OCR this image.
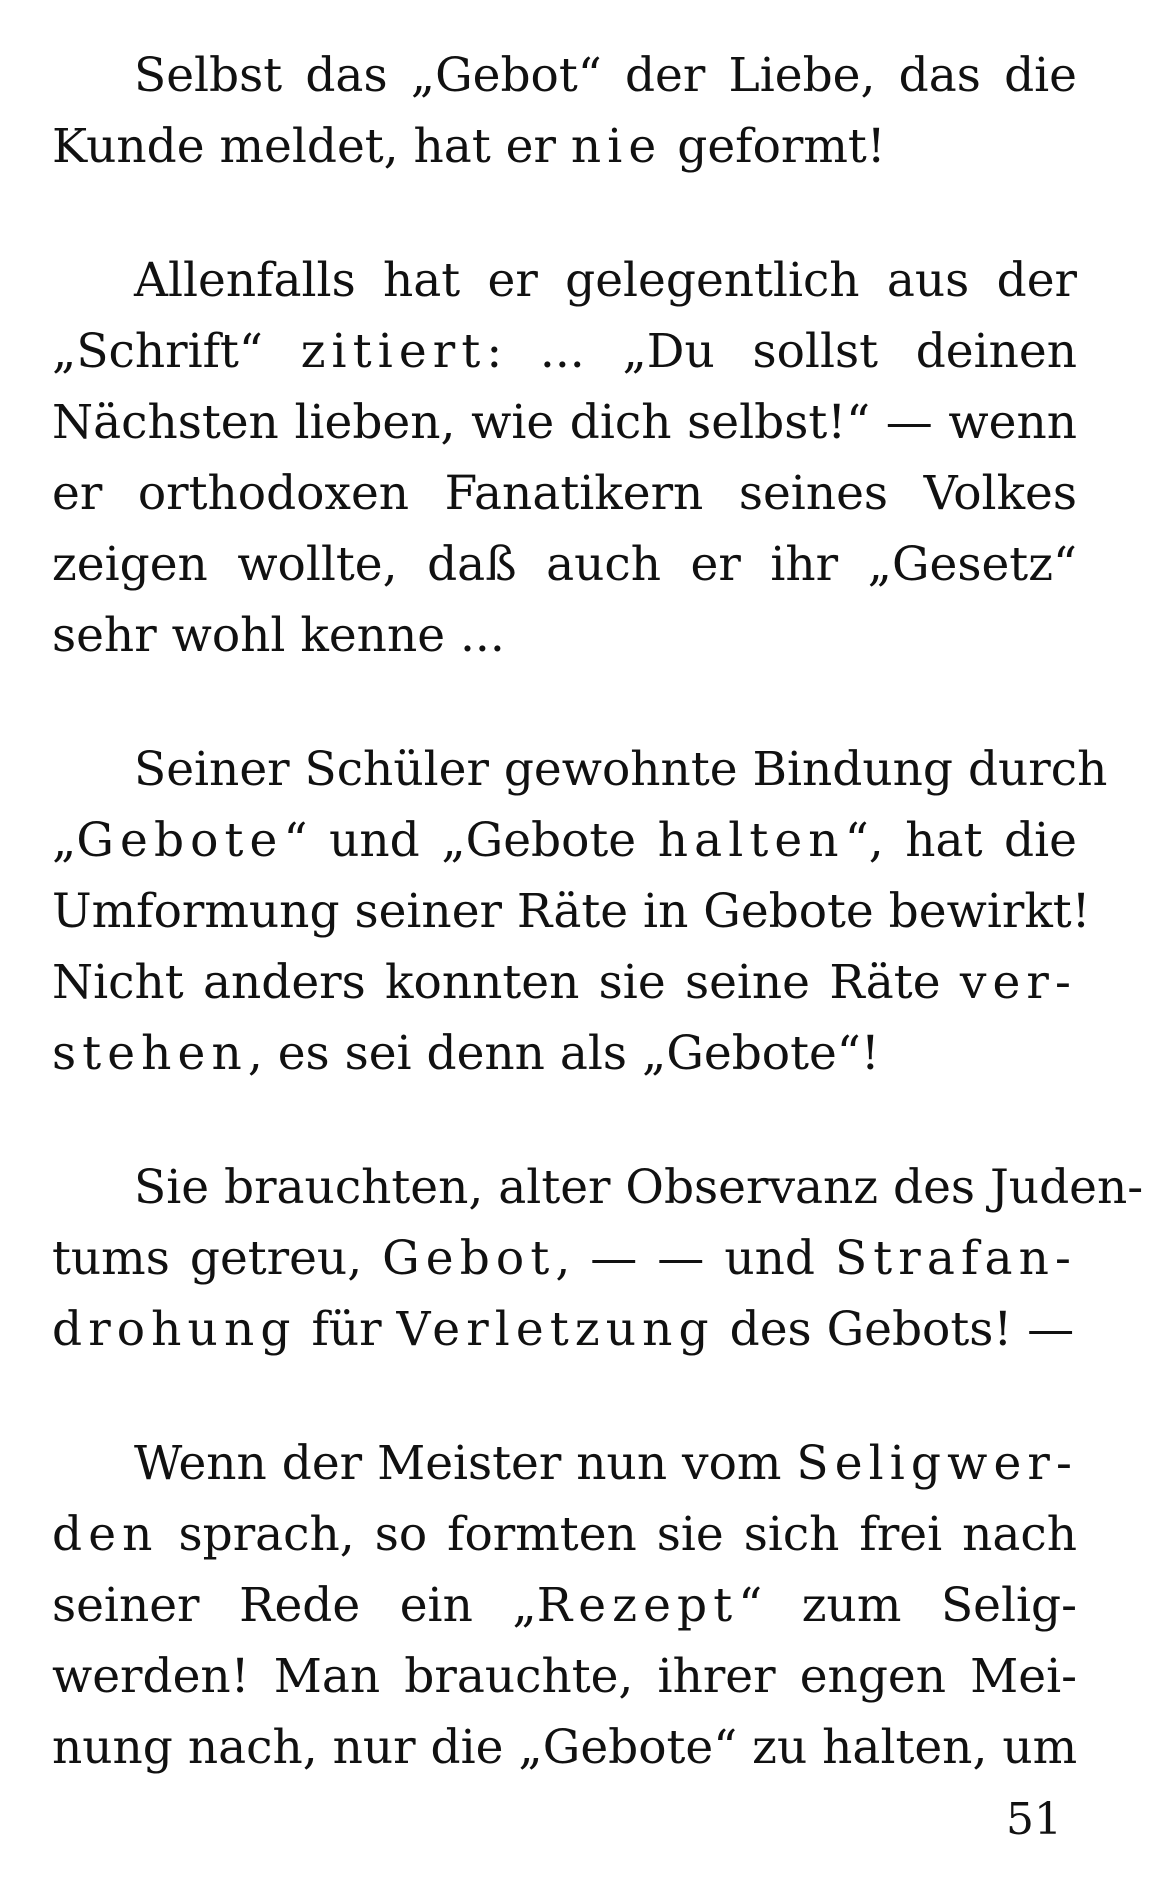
Selbst das „Gebot“ der Liebe, das die
Kunde meldet, hat er nie geformt!

Allenfalls hat er gelegentlich aus der
„Schrift“ zitiert: ... „Du sollst deinen
Nächsten lieben, wie dich selbst!“ — wenn
er orthodoxen Fanatikern seines Volkes
zeigen wollte, daß auch er ihr „Gesetz“
sehr wohl kenne ...

Seiner Schüler gewohnte Bindung durch
„Gebote“ und „Gebote halten“, hat die
Umformung seiner Räte in Gebote bewirkt!
Nicht anders konnten sie seine Räte ver-
stehen, es sei denn als „Gebote“!

Sie brauchten, alter Observanz des Juden-
tums getreu, Gebot, — — und Strafan-
drohung für Verletzung des Gebots! —

Wenn der Meister nun vom Seligwer-
den sprach, so formten sie sich frei nach
seiner Rede ein „Rezept“ zum Selig-
werden! Man brauchte, ihrer engen Mei-
nung nach, nur die „Gebote“ zu halten, um

51
